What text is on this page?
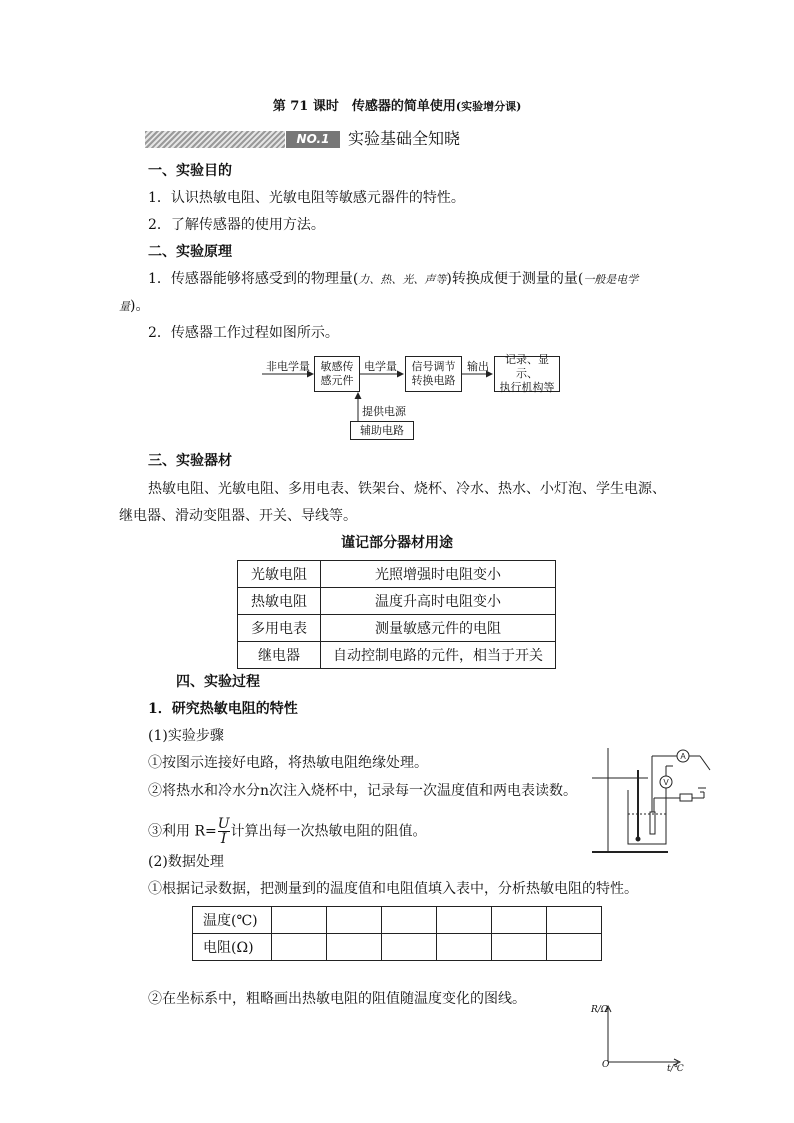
第 71 课时　传感器的简单使用(实验增分课)
NO.1	实验基础全知晓
一、实验目的
1．认识热敏电阻、光敏电阻等敏感元器件的特性。
2．了解传感器的使用方法。
二、实验原理
1．传感器能够将感受到的物理量(力、热、光、声等)转换成便于测量的量(一般是电学
量)。
2．传感器工作过程如图所示。
非电学量 敏感传
感元件
电学量 信号调节
转换电路
输出
记录、显示、
执行机构等
提供电源
辅助电路
三、实验器材
热敏电阻、光敏电阻、多用电表、铁架台、烧杯、冷水、热水、小灯泡、学生电源、
继电器、滑动变阻器、开关、导线等。
谨记部分器材用途
光敏电阻	光照增强时电阻变小
热敏电阻	温度升高时电阻变小
多用电表	测量敏感元件的电阻
继电器	自动控制电路的元件，相当于开关
四、实验过程
1．研究热敏电阻的特性
(1)实验步骤
①按图示连接好电路，将热敏电阻绝缘处理。
②将热水和冷水分n次注入烧杯中，记录每一次温度值和两电表读数。
③利用 $R= \frac{U}{I}$ 计算出每一次热敏电阻的阻值。
A
V
(2)数据处理
①根据记录数据，把测量到的温度值和电阻值填入表中，分析热敏电阻的特性。
温度(℃)						
电阻(Ω)						
②在坐标系中，粗略画出热敏电阻的阻值随温度变化的图线。
R/Ω
O	t/℃
